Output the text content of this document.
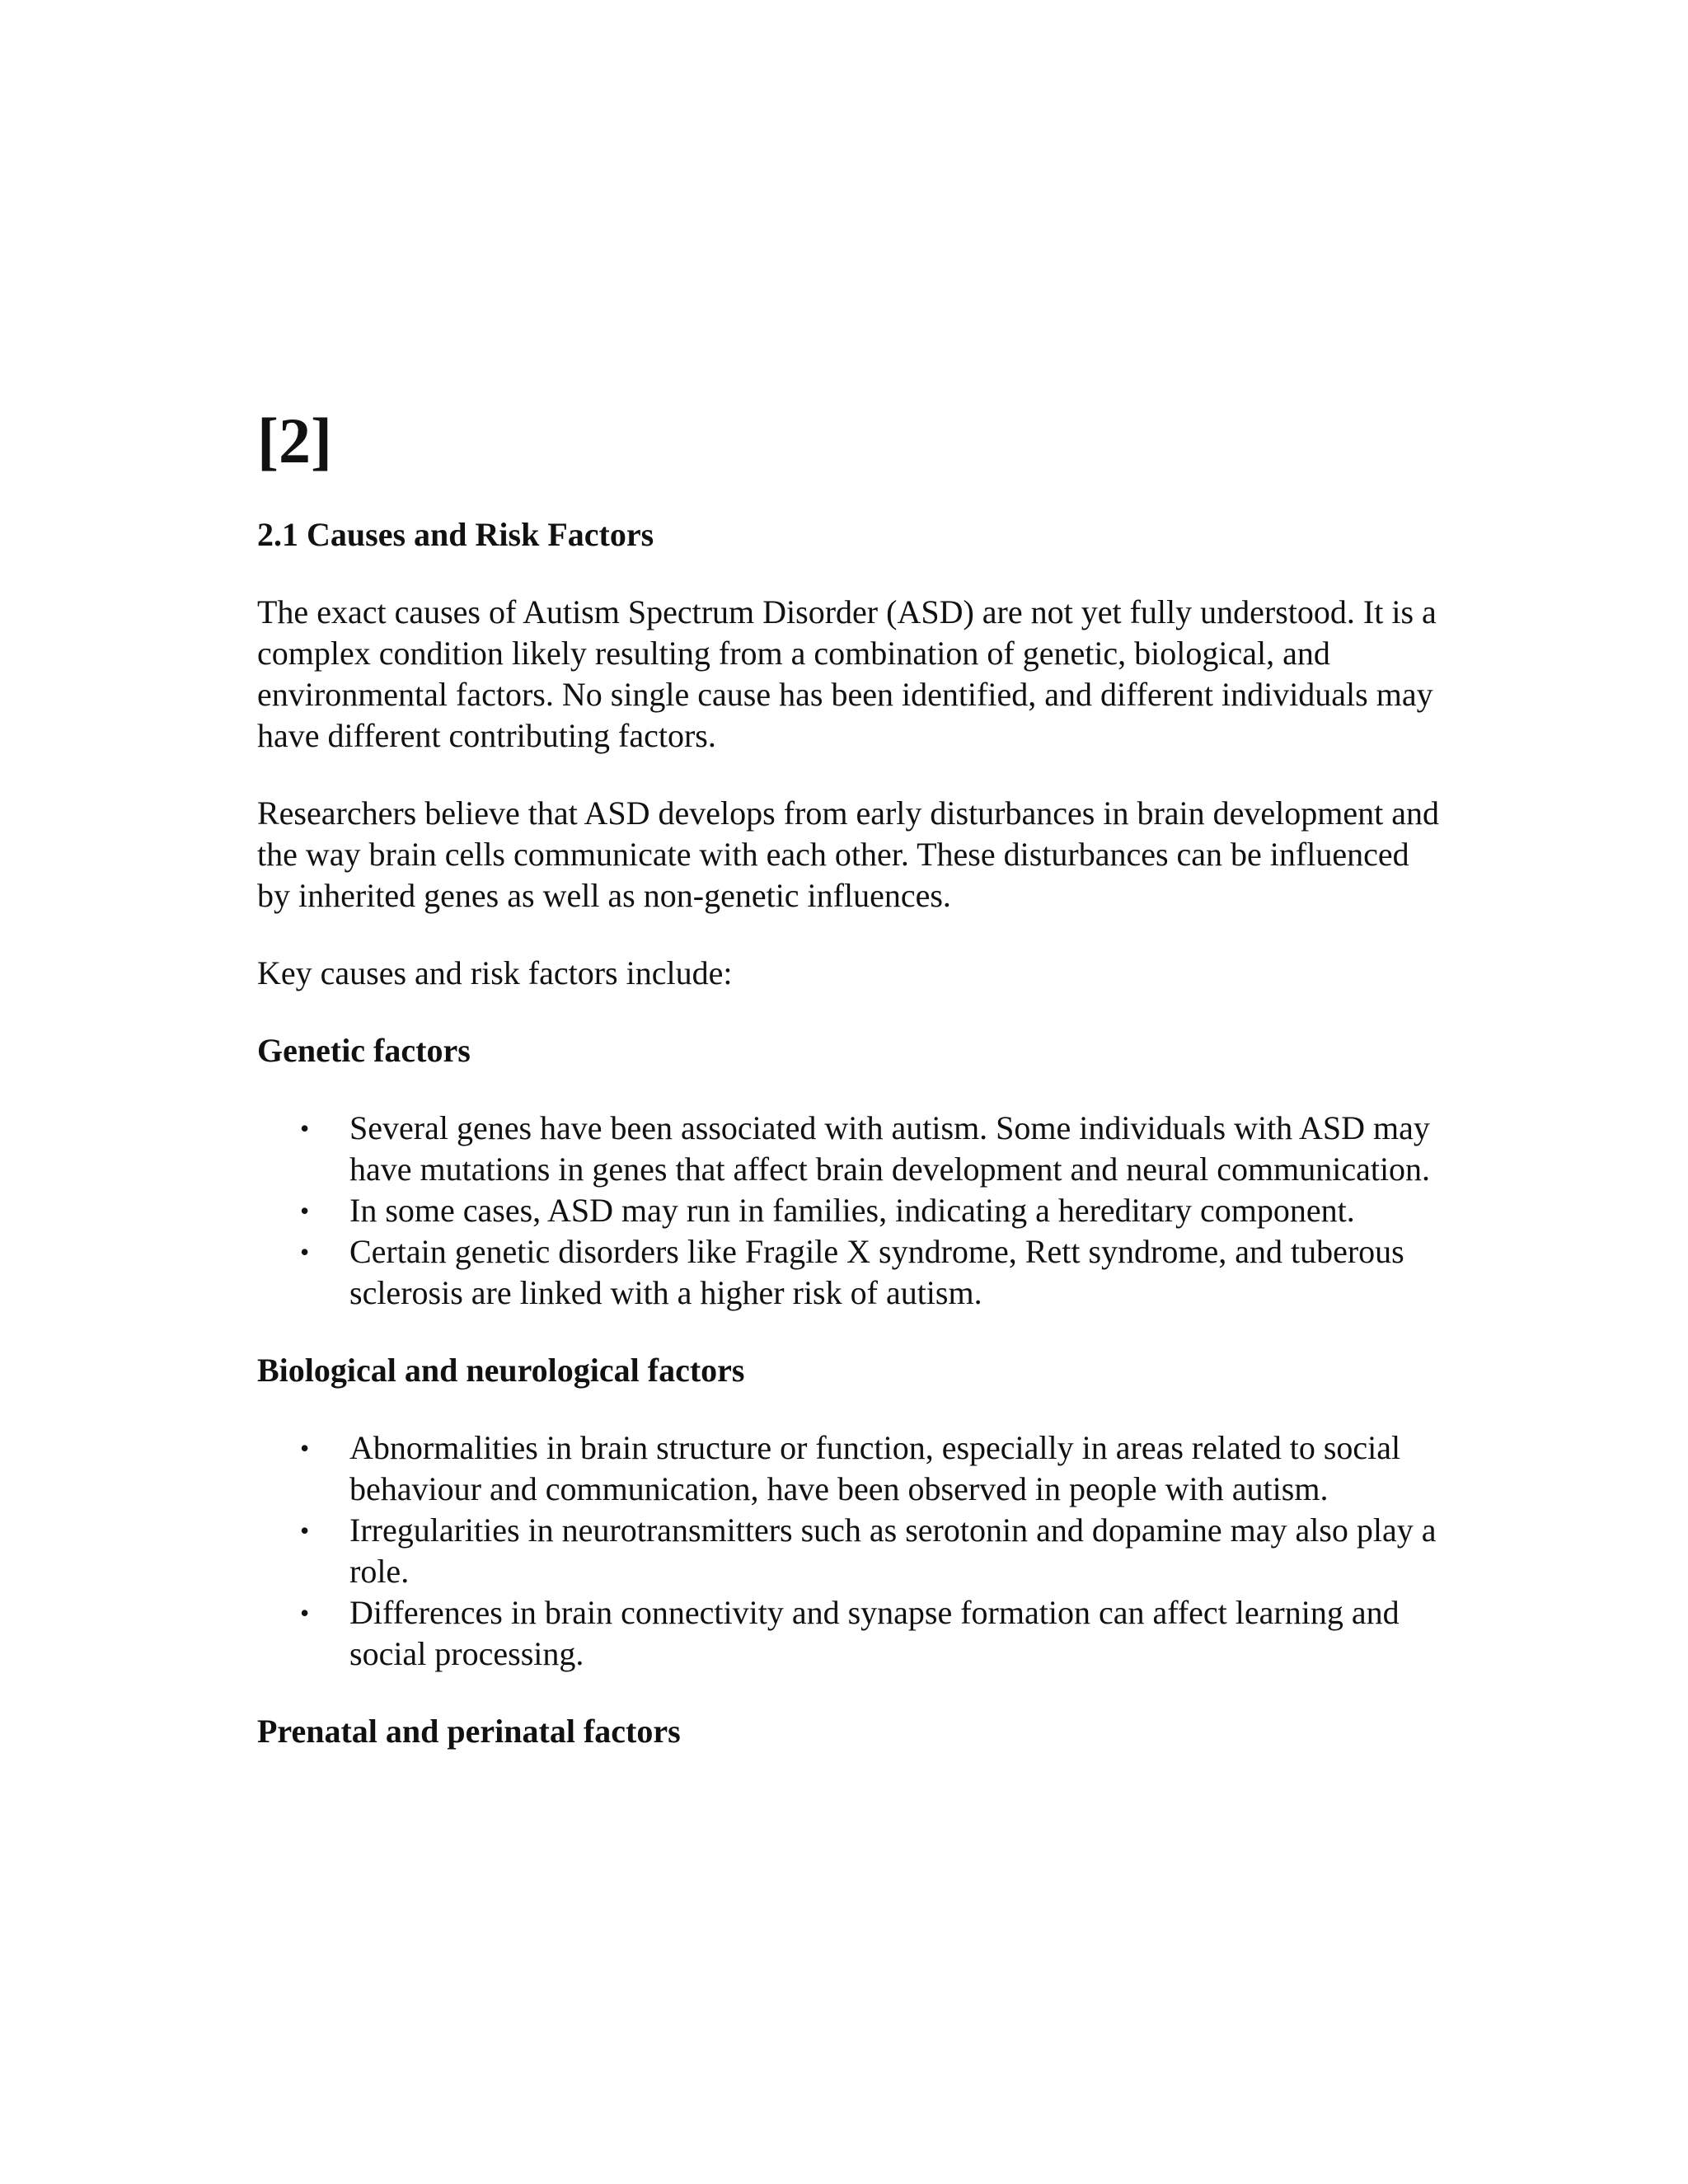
[2]
2.1 Causes and Risk Factors

The exact causes of Autism Spectrum Disorder (ASD) are not yet fully understood. It is a complex condition likely resulting from a combination of genetic, biological, and environmental factors. No single cause has been identified, and different individuals may have different contributing factors.

Researchers believe that ASD develops from early disturbances in brain development and the way brain cells communicate with each other. These disturbances can be influenced by inherited genes as well as non-genetic influences.

Key causes and risk factors include:

Genetic factors
• Several genes have been associated with autism. Some individuals with ASD may have mutations in genes that affect brain development and neural communication.
• In some cases, ASD may run in families, indicating a hereditary component.
• Certain genetic disorders like Fragile X syndrome, Rett syndrome, and tuberous sclerosis are linked with a higher risk of autism.
Biological and neurological factors
• Abnormalities in brain structure or function, especially in areas related to social behaviour and communication, have been observed in people with autism.
• Irregularities in neurotransmitters such as serotonin and dopamine may also play a role.
• Differences in brain connectivity and synapse formation can affect learning and social processing.
Prenatal and perinatal factors
